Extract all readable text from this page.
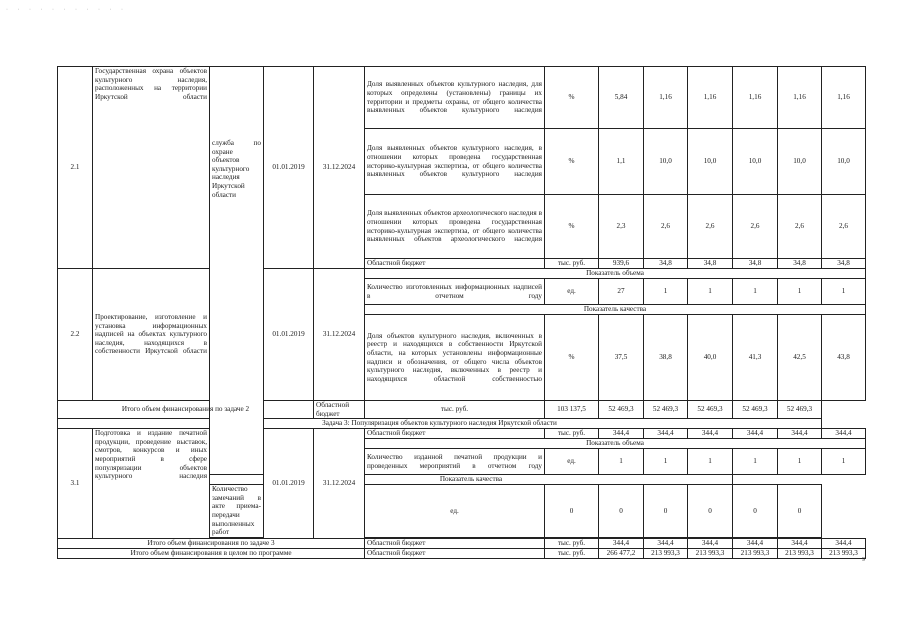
· · · · · · · · · · ·
2.1	Государственная охрана объектов культурного наследия, расположенных на территории Иркутской области	служба по охране объектов культурного наследия Иркутской области	01.01.2019	31.12.2024	Доля выявленных объектов культурного наследия, для которых определены (установлены) границы их территории и предметы охраны, от общего количества выявленных объектов культурного наследия	%	5,84	1,16	1,16	1,16	1,16	1,16
					Доля выявленных объектов культурного наследия, в отношении которых проведена государственная историко-культурная экспертиза, от общего количества выявленных объектов культурного наследия	%	1,1	10,0	10,0	10,0	10,0	10,0
					Доля выявленных объектов археологического наследия в отношении которых проведена государственная историко-культурная экспертиза, от общего количества выявленных объектов археологического наследия	%	2,3	2,6	2,6	2,6	2,6	2,6
					Областной бюджет	тыс. руб.	939,6	34,8	34,8	34,8	34,8	34,8
2.2	Проектирование, изготовление и установка информационных надписей на объектах культурного наследия, находящихся в собственности Иркутской области		01.01.2019	31.12.2024	Показатель объема							
					Количество изготовленных информационных надписей в отчетном году	ед.	27	1	1	1	1	1
					Показатель качества							
					Доля объектов культурного наследия, включенных в реестр и находящихся в собственности Иркутской области, на которых установлены информационные надписи и обозначения, от общего числа объектов культурного наследия, включенных в реестр и находящихся областной собственностью	%	37,5	38,8	40,0	41,3	42,5	43,8
Итого объем финансирования по задаче 2				Областной бюджет	тыс. руб.	103 137,5	52 469,3	52 469,3	52 469,3	52 469,3	52 469,3	
Задача 3: Популяризация объектов культурного наследия Иркутской области												
3.1	Подготовка и издание печатной продукции, проведение выставок, смотров, конкурсов и иных мероприятий в сфере популяризации объектов культурного наследия		01.01.2019	31.12.2024	Областной бюджет	тыс. руб.	344,4	344,4	344,4	344,4	344,4	344,4
					Показатель объема							
					Количество изданной печатной продукции и проведенных мероприятий в отчетном году	ед.	1	1	1	1	1	1
		Показатель качества										
		Количество замечаний в акте приема-передачи выполненных работ			ед.	0	0	0	0	0	0	

Итого объем финансирования по задаче 3					Областной бюджет	тыс. руб.	344,4	344,4	344,4	344,4	344,4	344,4
Итого объем финансирования в целом по программе					Областной бюджет	тыс. руб.	266 477,2	213 993,3	213 993,3	213 993,3	213 993,3	213 993,3
9
